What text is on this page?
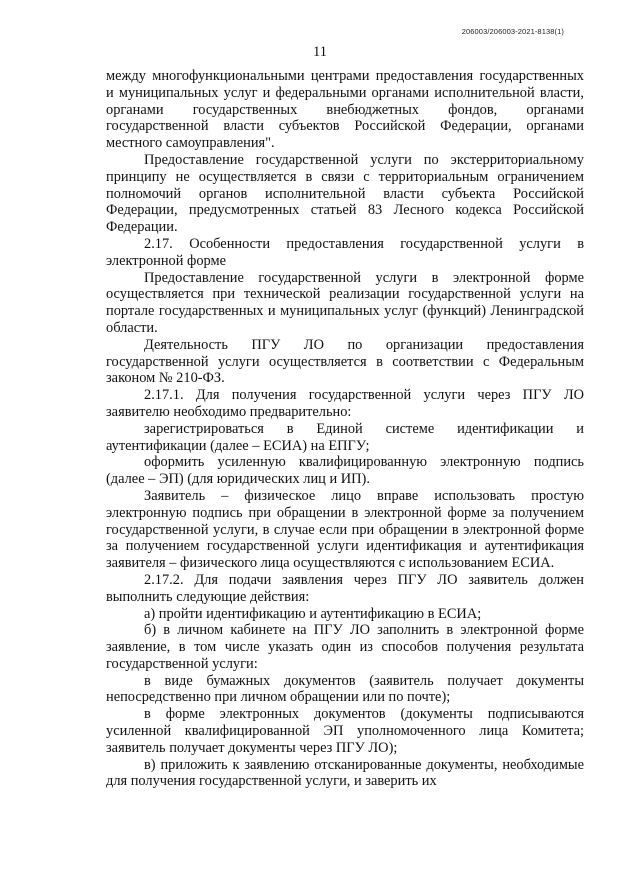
206003/206003-2021-8138(1)
11

между многофункциональными центрами предоставления государственных и муниципальных услуг и федеральными органами исполнительной власти, органами государственных внебюджетных фондов, органами государственной власти субъектов Российской Федерации, органами местного самоуправления".

Предоставление государственной услуги по экстерриториальному принципу не осуществляется в связи с территориальным ограничением полномочий органов исполнительной власти субъекта Российской Федерации, предусмотренных статьей 83 Лесного кодекса Российской Федерации.

2.17. Особенности предоставления государственной услуги в электронной форме

Предоставление государственной услуги в электронной форме осуществляется при технической реализации государственной услуги на портале государственных и муниципальных услуг (функций) Ленинградской области.

Деятельность ПГУ ЛО по организации предоставления государственной услуги осуществляется в соответствии с Федеральным законом № 210-ФЗ.

2.17.1. Для получения государственной услуги через ПГУ ЛО заявителю необходимо предварительно:

зарегистрироваться в Единой системе идентификации и аутентификации (далее – ЕСИА) на ЕПГУ;

оформить усиленную квалифицированную электронную подпись (далее – ЭП) (для юридических лиц и ИП).

Заявитель – физическое лицо вправе использовать простую электронную подпись при обращении в электронной форме за получением государственной услуги, в случае если при обращении в электронной форме за получением государственной услуги идентификация и аутентификация заявителя – физического лица осуществляются с использованием ЕСИА.

2.17.2. Для подачи заявления через ПГУ ЛО заявитель должен выполнить следующие действия:

а) пройти идентификацию и аутентификацию в ЕСИА;

б) в личном кабинете на ПГУ ЛО заполнить в электронной форме заявление, в том числе указать один из способов получения результата государственной услуги:

в виде бумажных документов (заявитель получает документы непосредственно при личном обращении или по почте);

в форме электронных документов (документы подписываются усиленной квалифицированной ЭП уполномоченного лица Комитета; заявитель получает документы через ПГУ ЛО);

в) приложить к заявлению отсканированные документы, необходимые для получения государственной услуги, и заверить их
